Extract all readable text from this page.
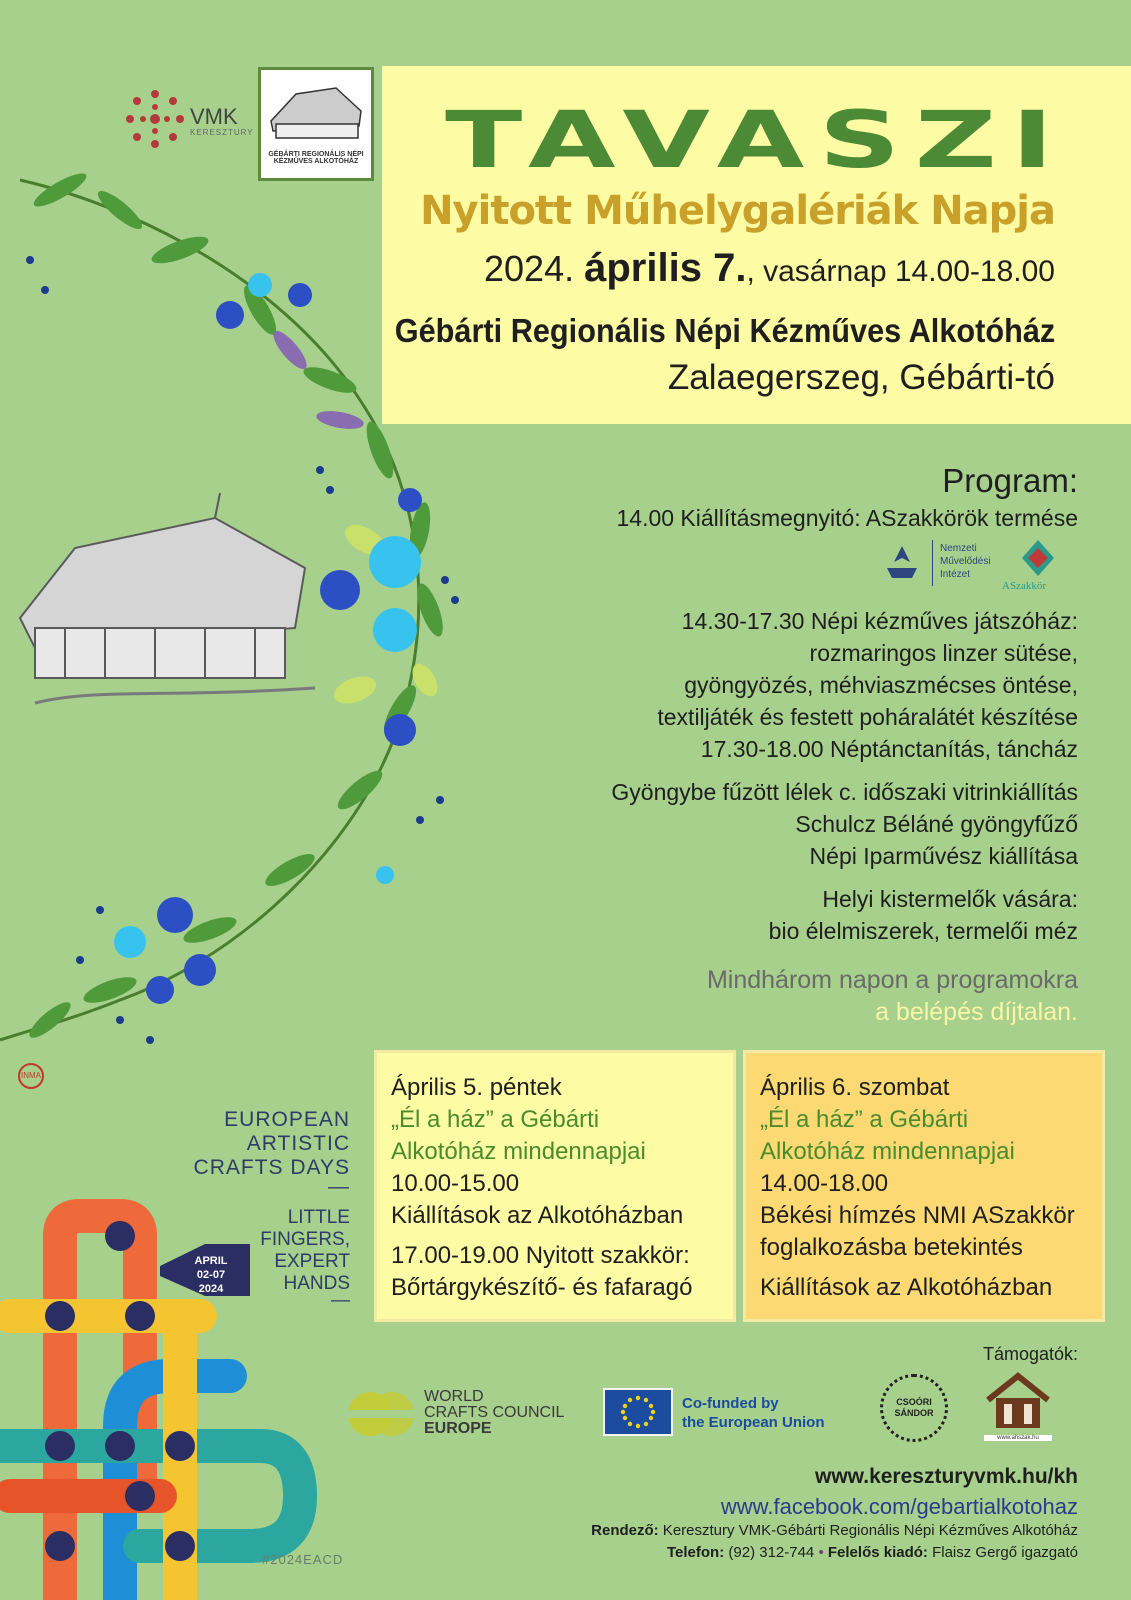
VMK
KERESZTURY
GÉBÁRTI REGIONÁLIS NÉPI
KÉZMŰVES ALKOTÓHÁZ	TAVASZI
Nyitott Műhelygalériák Napja
2024. április 7., vasárnap 14.00-18.00
Gébárti Regionális Népi Kézműves Alkotóház
Zalaegerszeg, Gébárti-tó
Program:
14.00 Kiállításmegnyitó: ASzakkörök termése
Nemzeti
Művelődési
Intézet
ASzakkör
14.30-17.30 Népi kézműves játszóház:
rozmaringos linzer sütése,
gyöngyözés, méhviaszmécses öntése,
textiljáték és festett poháralátét készítése
17.30-18.00 Néptánctanítás, táncház
Gyöngybe fűzött lélek c. időszaki vitrinkiállítás
Schulcz Béláné gyöngyfűző
Népi Iparművész kiállítása
Helyi kistermelők vására:
bio élelmiszerek, termelői méz
Mindhárom napon a programokra
a belépés díjtalan.
INMA	Április 5. péntek
„Él a ház” a Gébárti
Alkotóház mindennapjai
10.00-15.00
Kiállítások az Alkotóházban
17.00-19.00 Nyitott szakkör:
Bőrtárgykészítő- és fafaragó
Április 6. szombat
„Él a ház” a Gébárti
Alkotóház mindennapjai
14.00-18.00
Békési hímzés NMI ASzakkör
foglalkozásba betekintés
Kiállítások az Alkotóházban
EUROPEAN
ARTISTIC
CRAFTS DAYS
—
LITTLE
FINGERS,
EXPERT
HANDS
—
APRIL
02-07
2024
#2024EACD
Támogatók:
WORLD
CRAFTS COUNCIL
EUROPE
Co-funded by
the European Union
CSOÓRI SÁNDOR
www.ahszak.hu
www.kereszturyvmk.hu/kh
www.facebook.com/gebartialkotohaz
Rendező: Keresztury VMK-Gébárti Regionális Népi Kézműves Alkotóház
Telefon: (92) 312-744 • Felelős kiadó: Flaisz Gergő igazgató
